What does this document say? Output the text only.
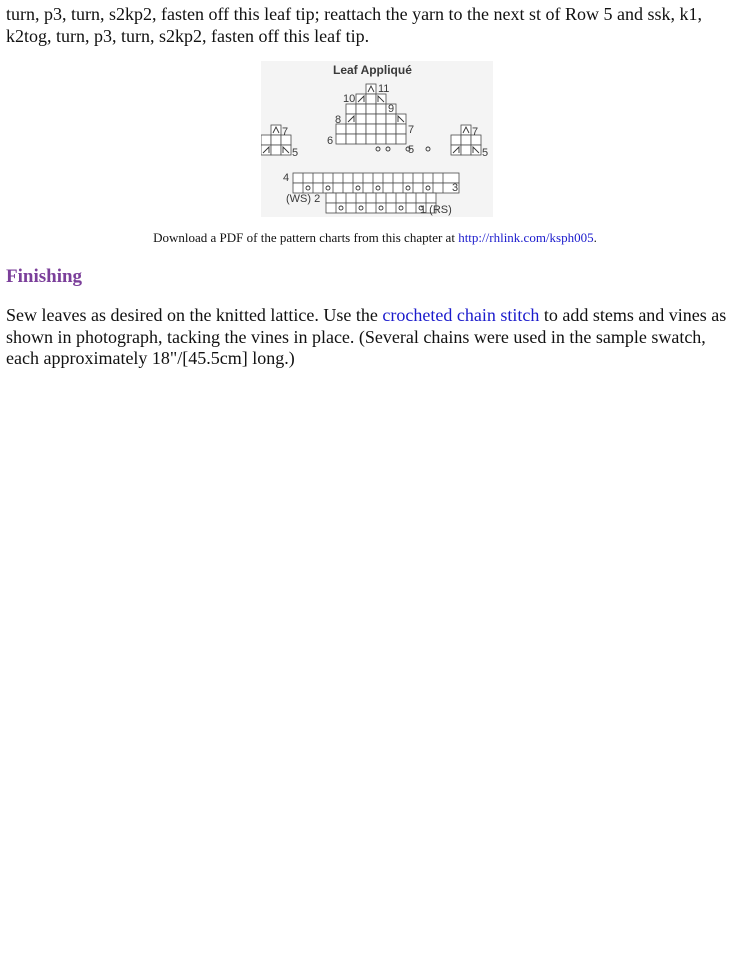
turn, p3, turn, s2kp2, fasten off this leaf tip; reattach the yarn to the next st of Row 5 and ssk, k1, k2tog, turn, p3, turn, s2kp2, fasten off this leaf tip.

Leaf Appliqué
11
10
9
8
7
6
5
7
5
7
5
4
3
(WS) 2
1 (RS)
Download a PDF of the pattern charts from this chapter at http://rhlink.com/ksph005.
Finishing

Sew leaves as desired on the knitted lattice. Use the crocheted chain stitch to add stems and vines as shown in photograph, tacking the vines in place. (Several chains were used in the sample swatch, each approximately 18"/[45.5cm] long.)
